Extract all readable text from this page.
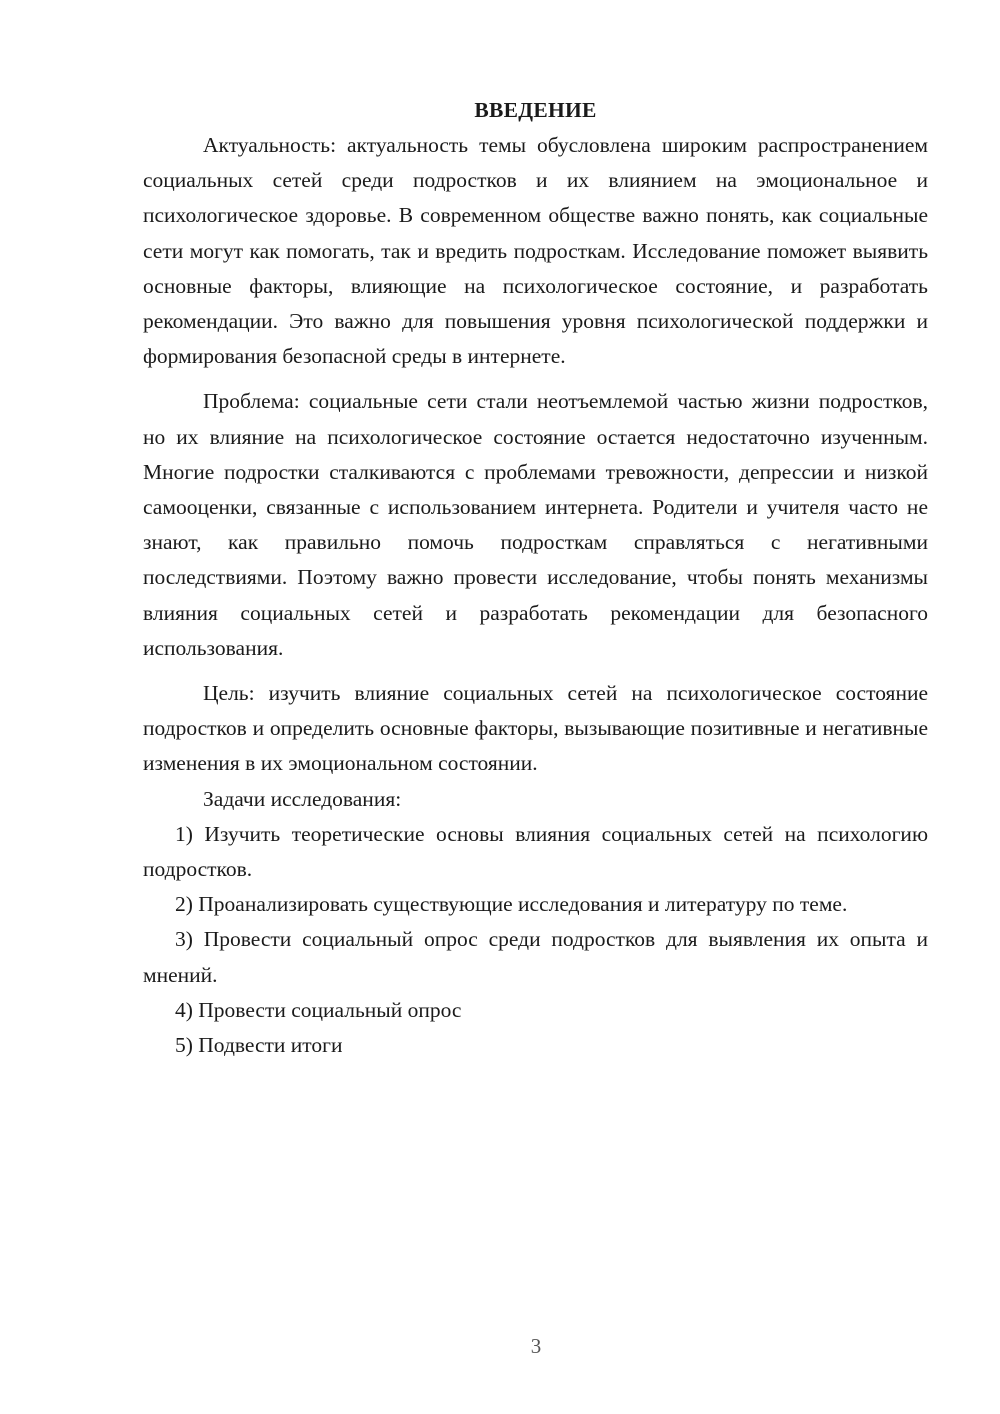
ВВЕДЕНИЕ

Актуальность: актуальность темы обусловлена широким распространением социальных сетей среди подростков и их влиянием на эмоциональное и психологическое здоровье. В современном обществе важно понять, как социальные сети могут как помогать, так и вредить подросткам. Исследование поможет выявить основные факторы, влияющие на психологическое состояние, и разработать рекомендации. Это важно для повышения уровня психологической поддержки и формирования безопасной среды в интернете.

Проблема: социальные сети стали неотъемлемой частью жизни подростков, но их влияние на психологическое состояние остается недостаточно изученным. Многие подростки сталкиваются с проблемами тревожности, депрессии и низкой самооценки, связанные с использованием интернета. Родители и учителя часто не знают, как правильно помочь подросткам справляться с негативными последствиями. Поэтому важно провести исследование, чтобы понять механизмы влияния социальных сетей и разработать рекомендации для безопасного использования.

Цель: изучить влияние социальных сетей на психологическое состояние подростков и определить основные факторы, вызывающие позитивные и негативные изменения в их эмоциональном состоянии.

Задачи исследования:

1) Изучить теоретические основы влияния социальных сетей на психологию подростков.

2) Проанализировать существующие исследования и литературу по теме.

3) Провести социальный опрос среди подростков для выявления их опыта и мнений.

4) Провести социальный опрос

5) Подвести итоги

3
